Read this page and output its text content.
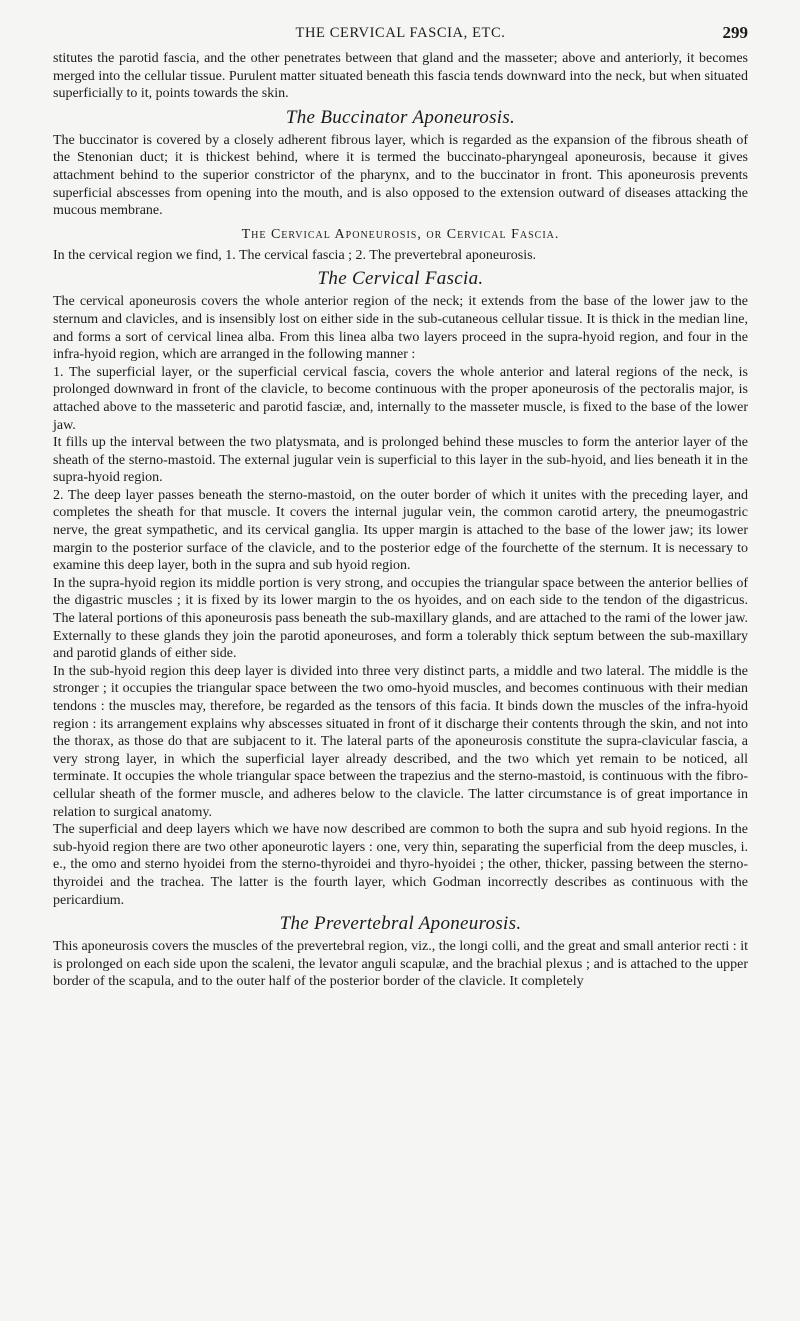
THE CERVICAL FASCIA, ETC.	299

stitutes the parotid fascia, and the other penetrates between that gland and the masseter; above and anteriorly, it becomes merged into the cellular tissue. Purulent matter situated beneath this fascia tends downward into the neck, but when situated superficially to it, points towards the skin.

The Buccinator Aponeurosis.

The buccinator is covered by a closely adherent fibrous layer, which is regarded as the expansion of the fibrous sheath of the Stenonian duct; it is thickest behind, where it is termed the buccinato-pharyngeal aponeurosis, because it gives attachment behind to the superior constrictor of the pharynx, and to the buccinator in front. This aponeurosis prevents superficial abscesses from opening into the mouth, and is also opposed to the extension outward of diseases attacking the mucous membrane.

The Cervical Aponeurosis, or Cervical Fascia.

In the cervical region we find, 1. The cervical fascia ; 2. The prevertebral aponeurosis.

The Cervical Fascia.

The cervical aponeurosis covers the whole anterior region of the neck; it extends from the base of the lower jaw to the sternum and clavicles, and is insensibly lost on either side in the sub-cutaneous cellular tissue. It is thick in the median line, and forms a sort of cervical linea alba. From this linea alba two layers proceed in the supra-hyoid region, and four in the infra-hyoid region, which are arranged in the following manner :

1. The superficial layer, or the superficial cervical fascia, covers the whole anterior and lateral regions of the neck, is prolonged downward in front of the clavicle, to become continuous with the proper aponeurosis of the pectoralis major, is attached above to the masseteric and parotid fasciæ, and, internally to the masseter muscle, is fixed to the base of the lower jaw.

It fills up the interval between the two platysmata, and is prolonged behind these muscles to form the anterior layer of the sheath of the sterno-mastoid. The external jugular vein is superficial to this layer in the sub-hyoid, and lies beneath it in the supra-hyoid region.

2. The deep layer passes beneath the sterno-mastoid, on the outer border of which it unites with the preceding layer, and completes the sheath for that muscle. It covers the internal jugular vein, the common carotid artery, the pneumogastric nerve, the great sympathetic, and its cervical ganglia. Its upper margin is attached to the base of the lower jaw; its lower margin to the posterior surface of the clavicle, and to the posterior edge of the fourchette of the sternum. It is necessary to examine this deep layer, both in the supra and sub hyoid region.

In the supra-hyoid region its middle portion is very strong, and occupies the triangular space between the anterior bellies of the digastric muscles ; it is fixed by its lower margin to the os hyoides, and on each side to the tendon of the digastricus. The lateral portions of this aponeurosis pass beneath the sub-maxillary glands, and are attached to the rami of the lower jaw. Externally to these glands they join the parotid aponeuroses, and form a tolerably thick septum between the sub-maxillary and parotid glands of either side.

In the sub-hyoid region this deep layer is divided into three very distinct parts, a middle and two lateral. The middle is the stronger ; it occupies the triangular space between the two omo-hyoid muscles, and becomes continuous with their median tendons : the muscles may, therefore, be regarded as the tensors of this facia. It binds down the muscles of the infra-hyoid region : its arrangement explains why abscesses situated in front of it discharge their contents through the skin, and not into the thorax, as those do that are subjacent to it. The lateral parts of the aponeurosis constitute the supra-clavicular fascia, a very strong layer, in which the superficial layer already described, and the two which yet remain to be noticed, all terminate. It occupies the whole triangular space between the trapezius and the sterno-mastoid, is continuous with the fibro-cellular sheath of the former muscle, and adheres below to the clavicle. The latter circumstance is of great importance in relation to surgical anatomy.

The superficial and deep layers which we have now described are common to both the supra and sub hyoid regions. In the sub-hyoid region there are two other aponeurotic layers : one, very thin, separating the superficial from the deep muscles, i. e., the omo and sterno hyoidei from the sterno-thyroidei and thyro-hyoidei ; the other, thicker, passing between the sterno-thyroidei and the trachea. The latter is the fourth layer, which Godman incorrectly describes as continuous with the pericardium.

The Prevertebral Aponeurosis.

This aponeurosis covers the muscles of the prevertebral region, viz., the longi colli, and the great and small anterior recti : it is prolonged on each side upon the scaleni, the levator anguli scapulæ, and the brachial plexus ; and is attached to the upper border of the scapula, and to the outer half of the posterior border of the clavicle. It completely
